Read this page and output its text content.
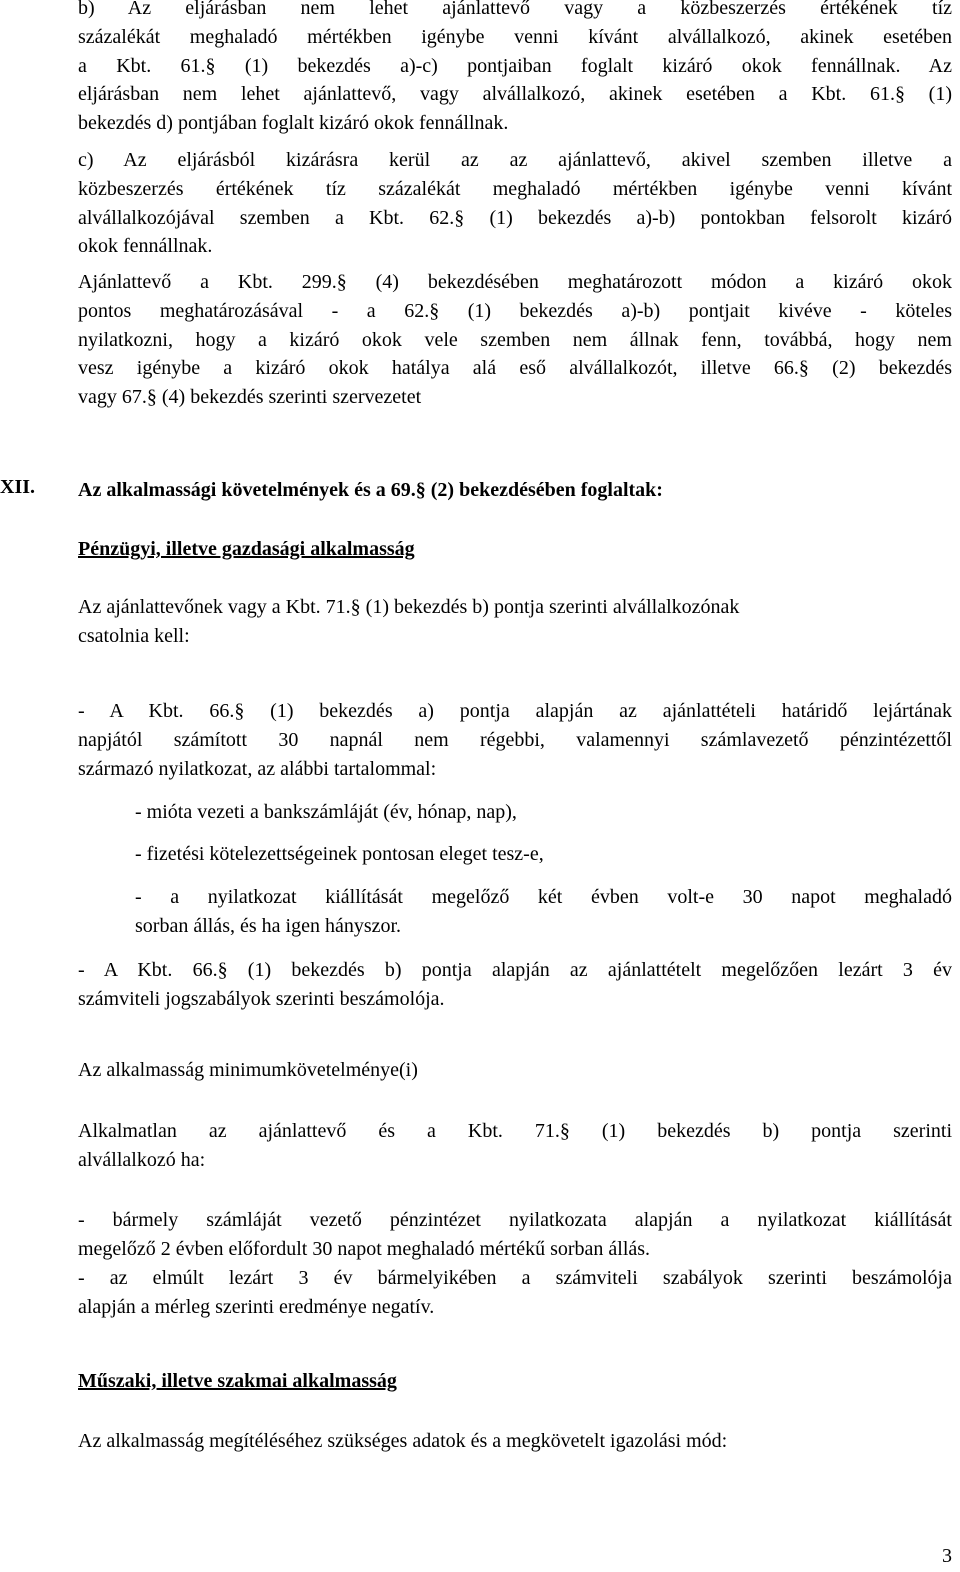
b) Az eljárásban nem lehet ajánlattevő vagy a közbeszerzés értékének tíz
százalékát meghaladó mértékben igénybe venni kívánt alvállalkozó, akinek esetében
a Kbt. 61.§ (1) bekezdés a)-c) pontjaiban foglalt kizáró okok fennállnak. Az
eljárásban nem lehet ajánlattevő, vagy alvállalkozó, akinek esetében a Kbt. 61.§ (1)
bekezdés d) pontjában foglalt kizáró okok fennállnak.
c) Az eljárásból kizárásra kerül az az ajánlattevő, akivel szemben illetve a
közbeszerzés értékének tíz százalékát meghaladó mértékben igénybe venni kívánt
alvállalkozójával szemben a Kbt. 62.§ (1) bekezdés a)-b) pontokban felsorolt kizáró
okok fennállnak.
Ajánlattevő a Kbt. 299.§ (4) bekezdésében meghatározott módon a kizáró okok
pontos meghatározásával - a 62.§ (1) bekezdés a)-b) pontjait kivéve - köteles
nyilatkozni, hogy a kizáró okok vele szemben nem állnak fenn, továbbá, hogy nem
vesz igénybe a kizáró okok hatálya alá eső alvállalkozót, illetve 66.§ (2) bekezdés
vagy 67.§ (4) bekezdés szerinti szervezetet
XII. Az alkalmassági követelmények és a 69.§ (2) bekezdésében foglaltak:
Pénzügyi, illetve gazdasági alkalmasság
Az ajánlattevőnek vagy a Kbt. 71.§ (1) bekezdés b) pontja szerinti alvállalkozónak
csatolnia kell:
- A Kbt. 66.§ (1) bekezdés a) pontja alapján az ajánlattételi határidő lejártának
napjától számított 30 napnál nem régebbi, valamennyi számlavezető pénzintézettől
származó nyilatkozat, az alábbi tartalommal:
- mióta vezeti a bankszámláját (év, hónap, nap),
- fizetési kötelezettségeinek pontosan eleget tesz-e,
- a nyilatkozat kiállítását megelőző két évben volt-e 30 napot meghaladó
sorban állás, és ha igen hányszor.
- A Kbt. 66.§ (1) bekezdés b) pontja alapján az ajánlattételt megelőzően lezárt 3 év
számviteli jogszabályok szerinti beszámolója.
Az alkalmasság minimumkövetelménye(i)
Alkalmatlan az ajánlattevő és a Kbt. 71.§ (1) bekezdés b) pontja szerinti
alvállalkozó ha:
- bármely számláját vezető pénzintézet nyilatkozata alapján a nyilatkozat kiállítását
megelőző 2 évben előfordult 30 napot meghaladó mértékű sorban állás.
- az elmúlt lezárt 3 év bármelyikében a számviteli szabályok szerinti beszámolója
alapján a mérleg szerinti eredménye negatív.
Műszaki, illetve szakmai alkalmasság
Az alkalmasság megítéléséhez szükséges adatok és a megkövetelt igazolási mód:
3
